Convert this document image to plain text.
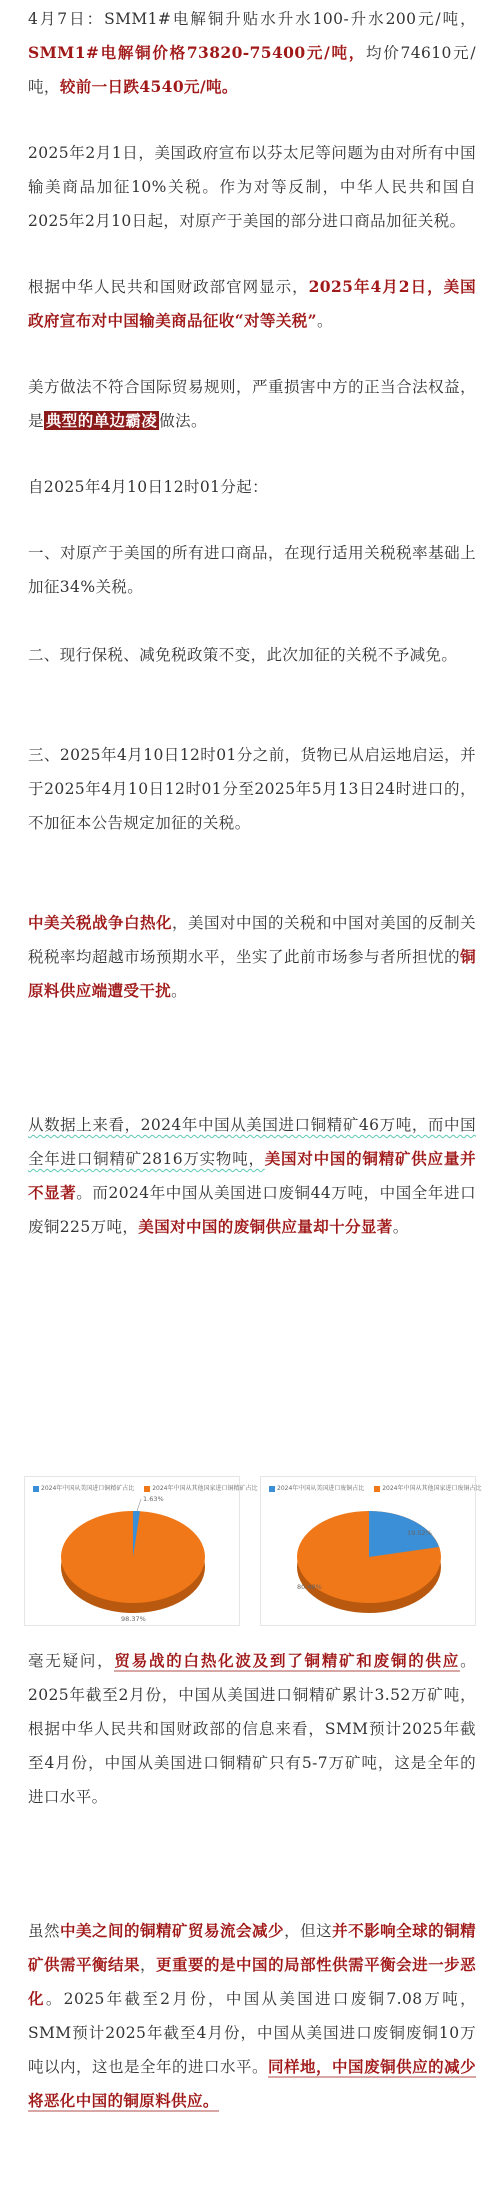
4月7日：SMM1#电解铜升贴水升水100-升水200元/吨，SMM1#电解铜价格73820-75400元/吨，均价74610元/吨，较前一日跌4540元/吨。

2025年2月1日，美国政府宣布以芬太尼等问题为由对所有中国输美商品加征10%关税。作为对等反制，中华人民共和国自2025年2月10日起，对原产于美国的部分进口商品加征关税。

根据中华人民共和国财政部官网显示，2025年4月2日，美国政府宣布对中国输美商品征收“对等关税”。

美方做法不符合国际贸易规则，严重损害中方的正当合法权益，是 典型的单边霸凌 做法。

自2025年4月10日12时01分起：

一、对原产于美国的所有进口商品，在现行适用关税税率基础上加征34%关税。

二、现行保税、减免税政策不变，此次加征的关税不予减免。

三、2025年4月10日12时01分之前，货物已从启运地启运，并于2025年4月10日12时01分至2025年5月13日24时进口的，不加征本公告规定加征的关税。

中美关税战争白热化，美国对中国的关税和中国对美国的反制关税税率均超越市场预期水平，坐实了此前市场参与者所担忧的铜原料供应端遭受干扰。

从数据上来看，2024年中国从美国进口铜精矿46万吨，而中国全年进口铜精矿2816万实物吨，美国对中国的铜精矿供应量并不显著。而2024年中国从美国进口废铜44万吨，中国全年进口废铜225万吨，美国对中国的废铜供应量却十分显著。

2024年中国从美国进口铜精矿占比	2024年中国从其他国家进口铜精矿占比
1.63%
98.37%
2024年中国从美国进口废铜占比	2024年中国从其他国家进口废铜占比
19.52%
80.48%

毫无疑问，贸易战的白热化波及到了铜精矿和废铜的供应。2025年截至2月份，中国从美国进口铜精矿累计3.52万矿吨，根据中华人民共和国财政部的信息来看，SMM预计2025年截至4月份，中国从美国进口铜精矿只有5-7万矿吨，这是全年的进口水平。

虽然中美之间的铜精矿贸易流会减少，但这并不影响全球的铜精矿供需平衡结果，更重要的是中国的局部性供需平衡会进一步恶化。2025年截至2月份，中国从美国进口废铜7.08万吨，SMM预计2025年截至4月份，中国从美国进口废铜废铜10万吨以内，这也是全年的进口水平。同样地，中国废铜供应的减少将恶化中国的铜原料供应。
